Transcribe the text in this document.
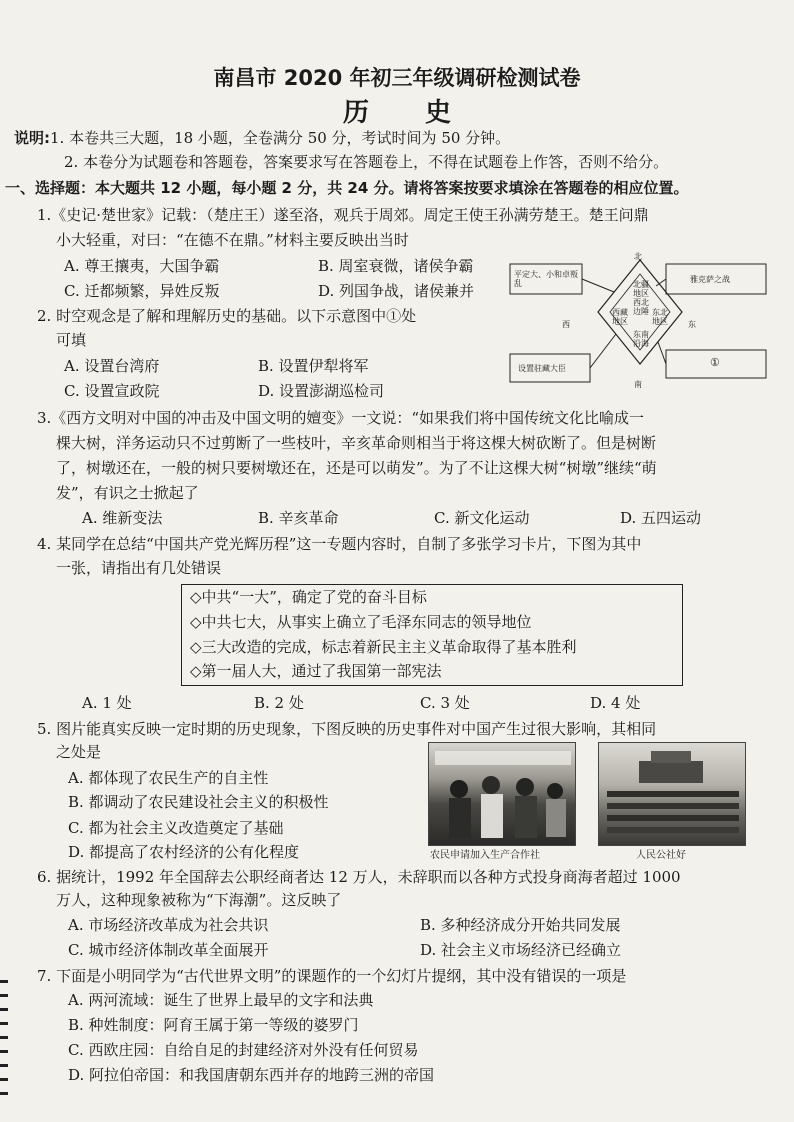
南昌市 2020 年初三年级调研检测试卷
历史
说明:1. 本卷共三大题，18 小题，全卷满分 50 分，考试时间为 50 分钟。
2. 本卷分为试题卷和答题卷，答案要求写在答题卷上，不得在试题卷上作答，否则不给分。
一、选择题：本大题共 12 小题，每小题 2 分，共 24 分。请将答案按要求填涂在答题卷的相应位置。
1.《史记·楚世家》记载：（楚庄王）遂至洛，观兵于周郊。周定王使王孙满劳楚王。楚王问鼎
小大轻重，对曰：“在德不在鼎。”材料主要反映出当时
A. 尊王攘夷，大国争霸	B. 周室衰微，诸侯争霸
C. 迁都频繁，异姓反叛	D. 列国争战，诸侯兼并
2. 时空观念是了解和理解历史的基础。以下示意图中①处
可填
A. 设置台湾府	B. 设置伊犁将军
C. 设置宣政院	D. 设置澎湖巡检司
北
南
西	东
平定大、小和卓叛乱	雅克萨之战
设置驻藏大臣	①
北疆地区西北边陲
西藏地区
东北地区
东南沿海
3.《西方文明对中国的冲击及中国文明的嬗变》一文说：“如果我们将中国传统文化比喻成一
棵大树，洋务运动只不过剪断了一些枝叶，辛亥革命则相当于将这棵大树砍断了。但是树断
了，树墩还在，一般的树只要树墩还在，还是可以萌发”。为了不让这棵大树“树墩”继续“萌
发”，有识之士掀起了
A. 维新变法	B. 辛亥革命	C. 新文化运动	D. 五四运动
4. 某同学在总结“中国共产党光辉历程”这一专题内容时，自制了多张学习卡片，下图为其中
一张，请指出有几处错误
◇中共“一大”，确定了党的奋斗目标
◇中共七大，从事实上确立了毛泽东同志的领导地位
◇三大改造的完成，标志着新民主主义革命取得了基本胜利
◇第一届人大，通过了我国第一部宪法
A. 1 处	B. 2 处	C. 3 处	D. 4 处
5. 图片能真实反映一定时期的历史现象，下图反映的历史事件对中国产生过很大影响，其相同
之处是
A. 都体现了农民生产的自主性
B. 都调动了农民建设社会主义的积极性
C. 都为社会主义改造奠定了基础
D. 都提高了农村经济的公有化程度	农民申请加入生产合作社	人民公社好
6. 据统计，1992 年全国辞去公职经商者达 12 万人，未辞职而以各种方式投身商海者超过 1000
万人，这种现象被称为“下海潮”。这反映了
A. 市场经济改革成为社会共识	B. 多种经济成分开始共同发展
C. 城市经济体制改革全面展开	D. 社会主义市场经济已经确立
7. 下面是小明同学为“古代世界文明”的课题作的一个幻灯片提纲，其中没有错误的一项是
A. 两河流域：诞生了世界上最早的文字和法典
B. 种姓制度：阿育王属于第一等级的婆罗门
C. 西欧庄园：自给自足的封建经济对外没有任何贸易
D. 阿拉伯帝国：和我国唐朝东西并存的地跨三洲的帝国
